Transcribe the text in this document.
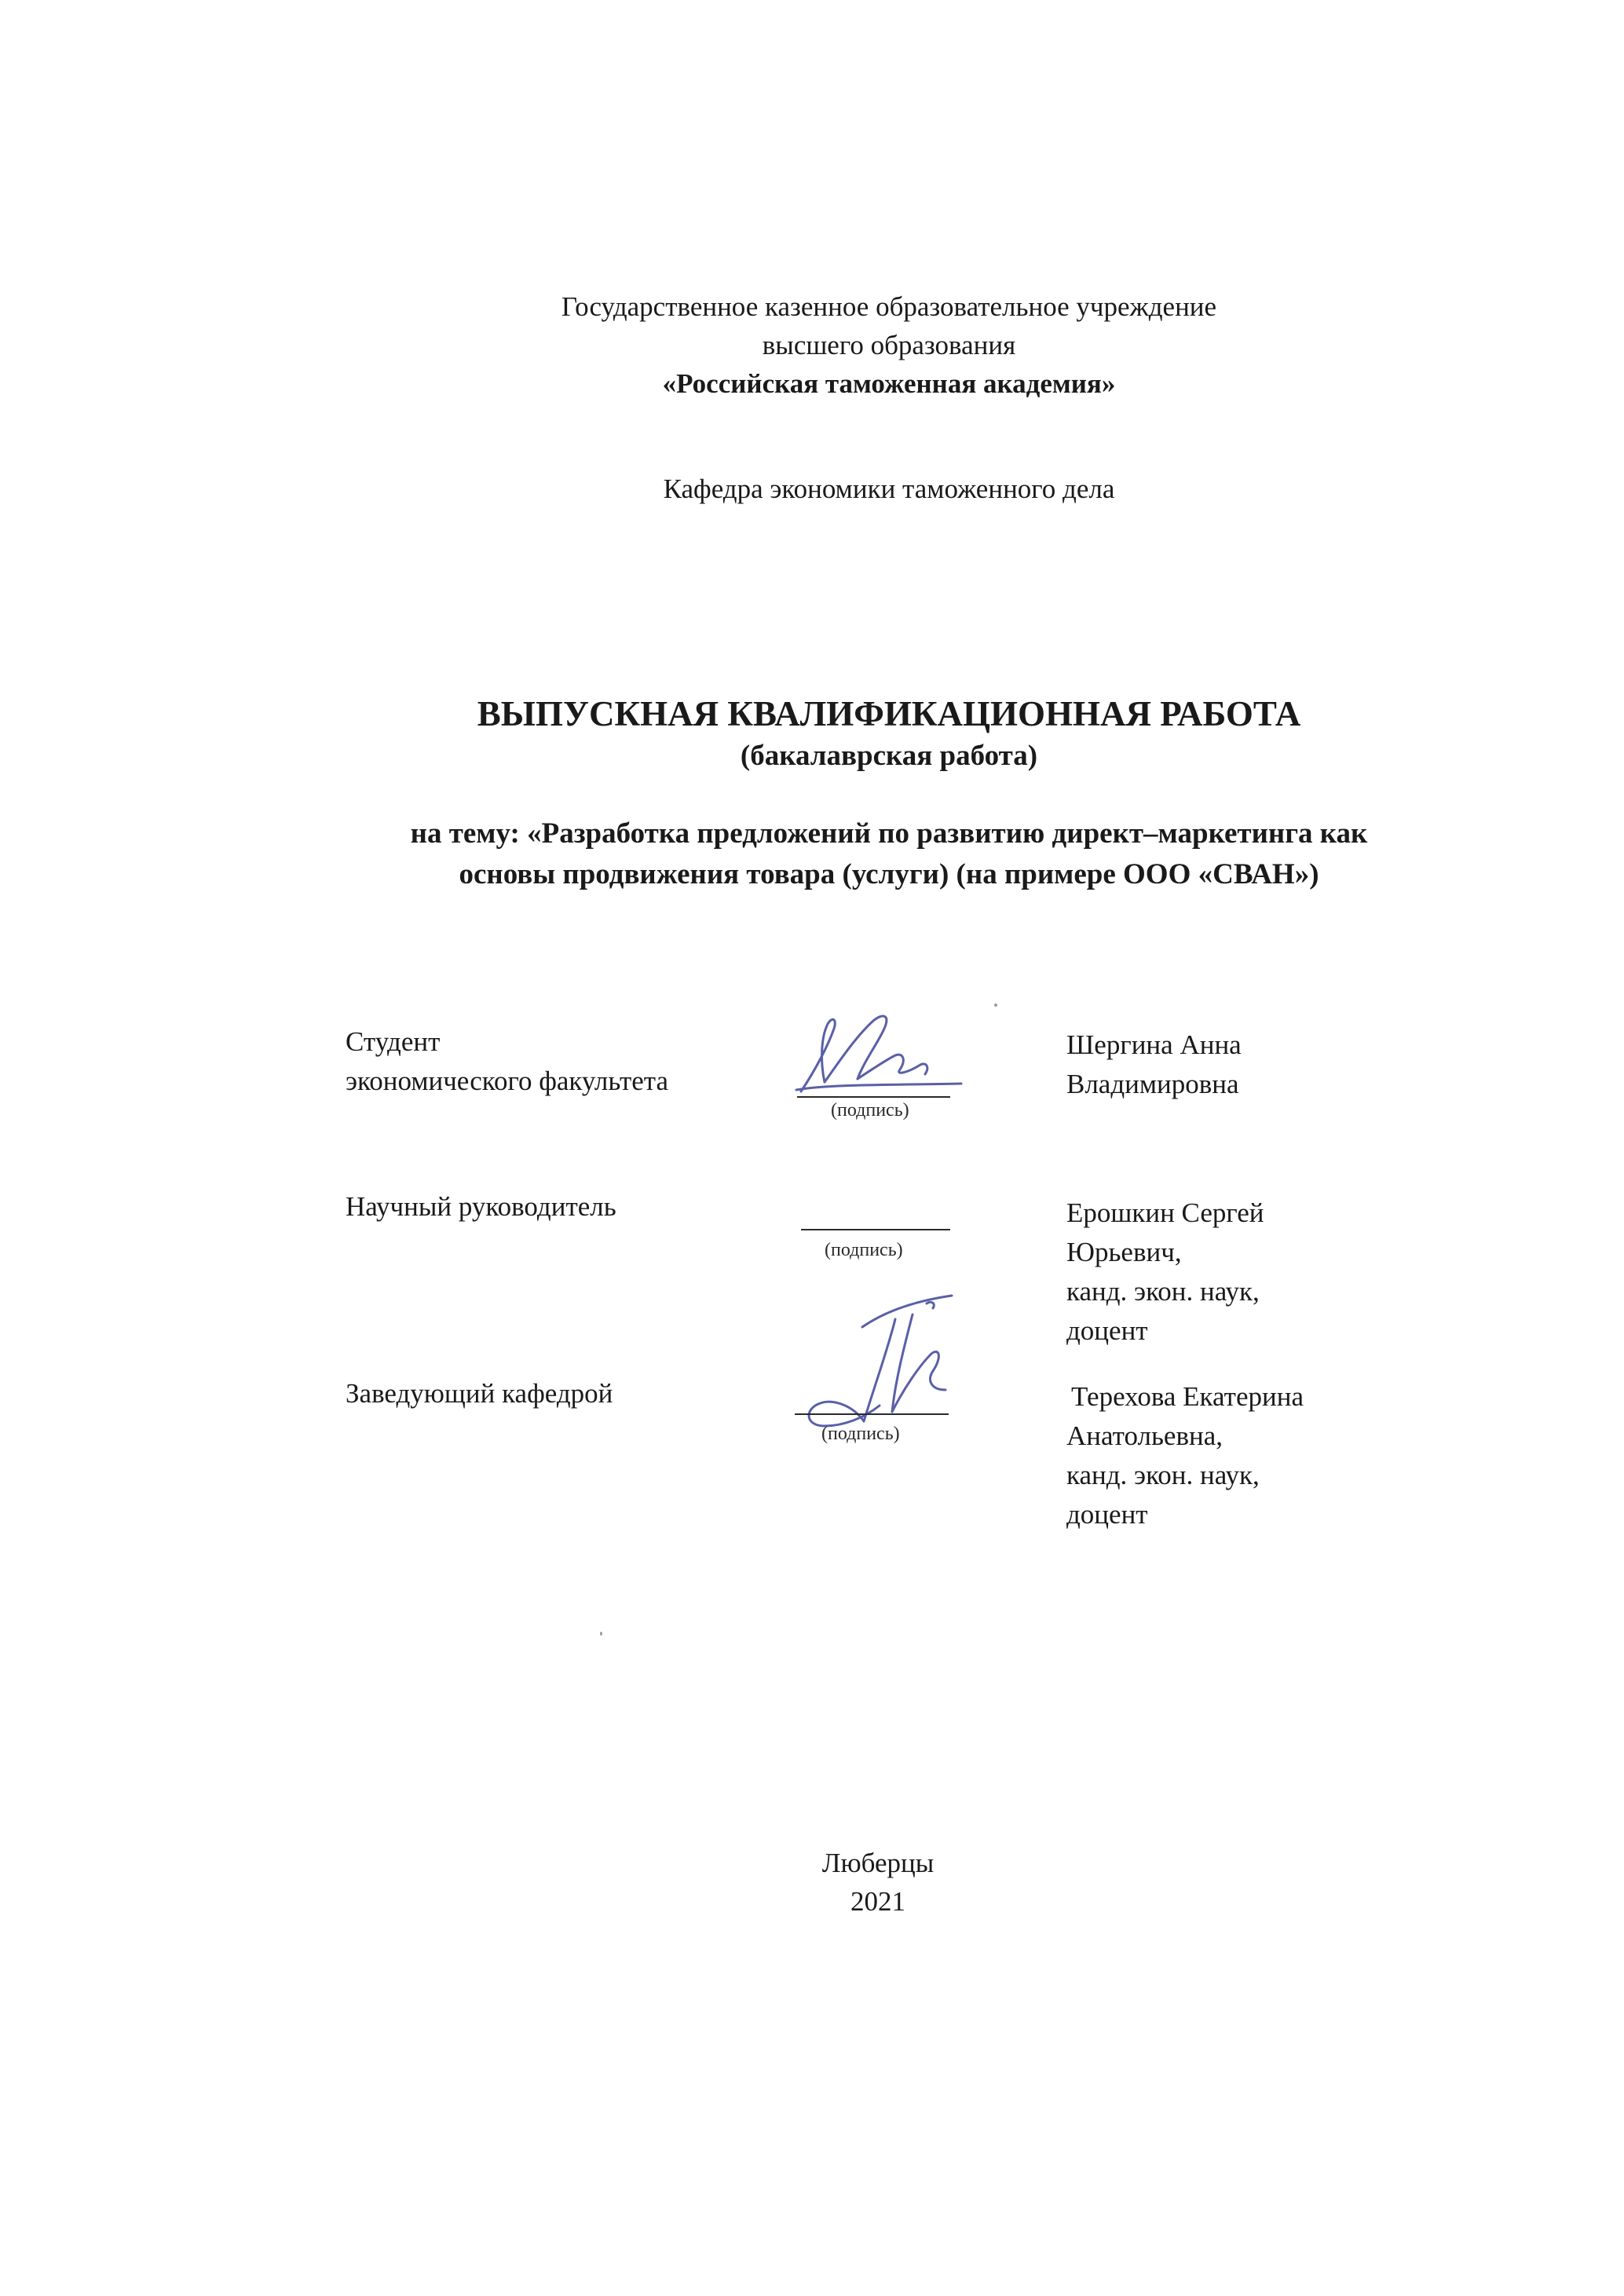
Государственное казенное образовательное учреждение
высшего образования
«Российская таможенная академия»
Кафедра экономики таможенного дела
ВЫПУСКНАЯ КВАЛИФИКАЦИОННАЯ РАБОТА
(бакалаврская работа)
на тему: «Разработка предложений по развитию директ–маркетинга как
основы продвижения товара (услуги) (на примере ООО «СВАН»)
Студент
экономического факультета
(подпись)
Шергина Анна
Владимировна
Научный руководитель
(подпись)
Ерошкин Сергей
Юрьевич,
канд. экон. наук,
доцент
Заведующий кафедрой
(подпись)
Терехова Екатерина
Анатольевна,
канд. экон. наук,
доцент
Люберцы
2021
